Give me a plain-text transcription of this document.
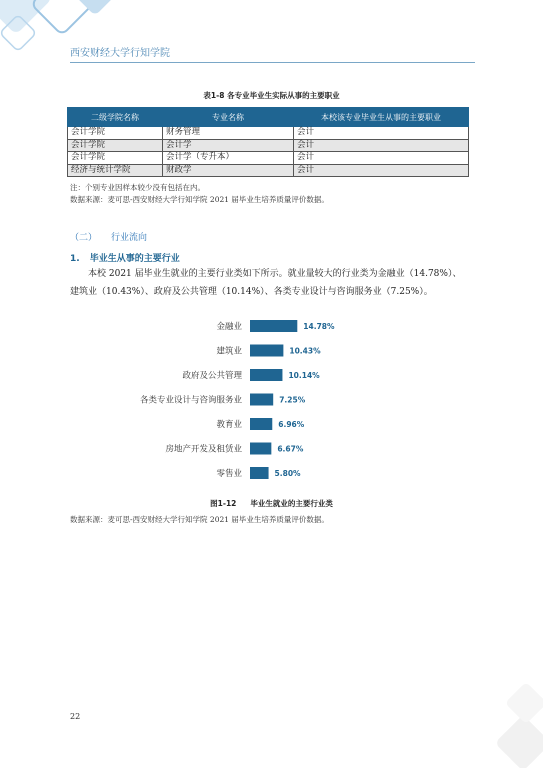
西安财经大学行知学院
表1-8 各专业毕业生实际从事的主要职业
二级学院名称	专业名称	本校该专业毕业生从事的主要职业
会计学院	财务管理	会计
会计学院	会计学	会计
会计学院	会计学（专升本）	会计
经济与统计学院	财政学	会计
注：个别专业因样本较少没有包括在内。
数据来源：麦可思-西安财经大学行知学院 2021 届毕业生培养质量评价数据。
（二） 行业流向
1. 毕业生从事的主要行业
本校 2021 届毕业生就业的主要行业类如下所示。就业量较大的行业类为金融业（14.78%）、
建筑业（10.43%）、政府及公共管理（10.14%）、各类专业设计与咨询服务业（7.25%）。
金融业	14.78%
建筑业	10.43%
政府及公共管理	10.14%
各类专业设计与咨询服务业	7.25%
教育业	6.96%
房地产开发及租赁业	6.67%
零售业	5.80%
图1-12 毕业生就业的主要行业类
数据来源：麦可思-西安财经大学行知学院 2021 届毕业生培养质量评价数据。
22
